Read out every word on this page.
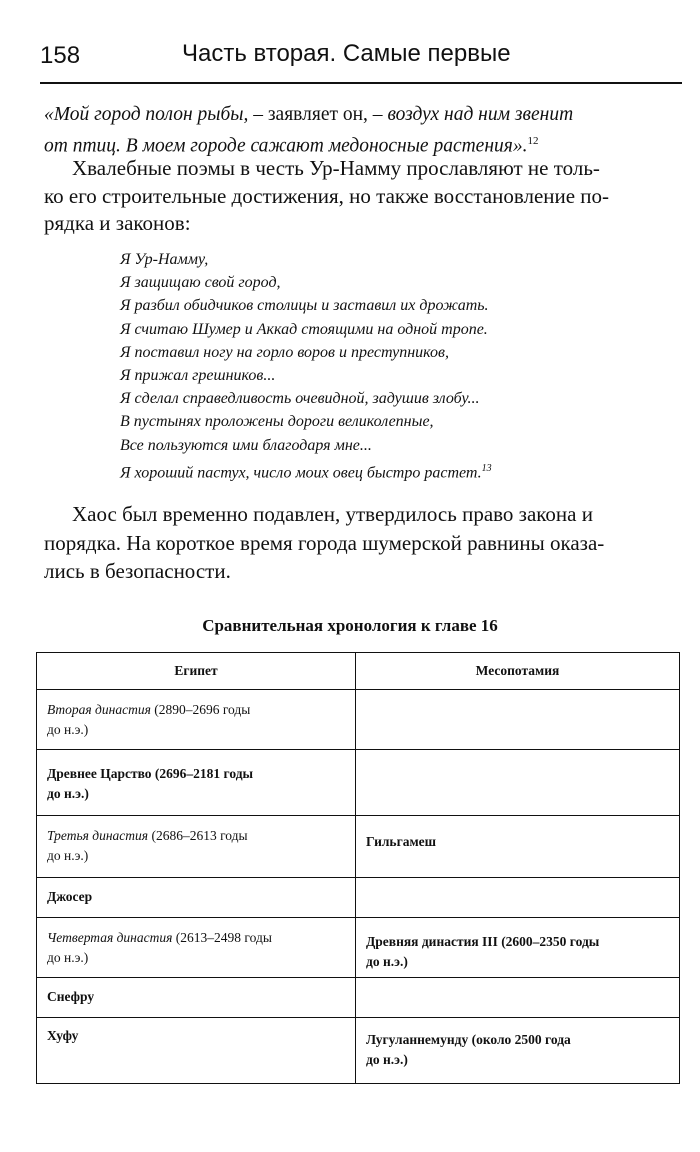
158	Часть вторая. Самые первые
«Мой город полон рыбы, – заявляет он, – воздух над ним звенит
от птиц. В моем городе сажают медоносные растения».$^{12}$
Хвалебные поэмы в честь Ур-Намму прославляют не толь-
ко его строительные достижения, но также восстановление по-
рядка и законов:
Я Ур-Намму,
Я защищаю свой город,
Я разбил обидчиков столицы и заставил их дрожать.
Я считаю Шумер и Аккад стоящими на одной тропе.
Я поставил ногу на горло воров и преступников,
Я прижал грешников...
Я сделал справедливость очевидной, задушив злобу...
В пустынях проложены дороги великолепные,
Все пользуются ими благодаря мне...
Я хороший пастух, число моих овец быстро растет.$^{13}$
Хаос был временно подавлен, утвердилось право закона и
порядка. На короткое время города шумерской равнины оказа-
лись в безопасности.
Сравнительная хронология к главе 16
Египет	Месопотамия

Вторая династия (2890–2696 годы
до н.э.)	

Древнее Царство (2696–2181 годы
до н.э.)	

Третья династия (2686–2613 годы
до н.э.)	Гильгамеш

Джосер	

Четвертая династия (2613–2498 годы
до н.э.)	Древняя династия III (2600–2350 годы
до н.э.)

Снефру	

Хуфу	Лугуланнемунду (около 2500 года
до н.э.)
